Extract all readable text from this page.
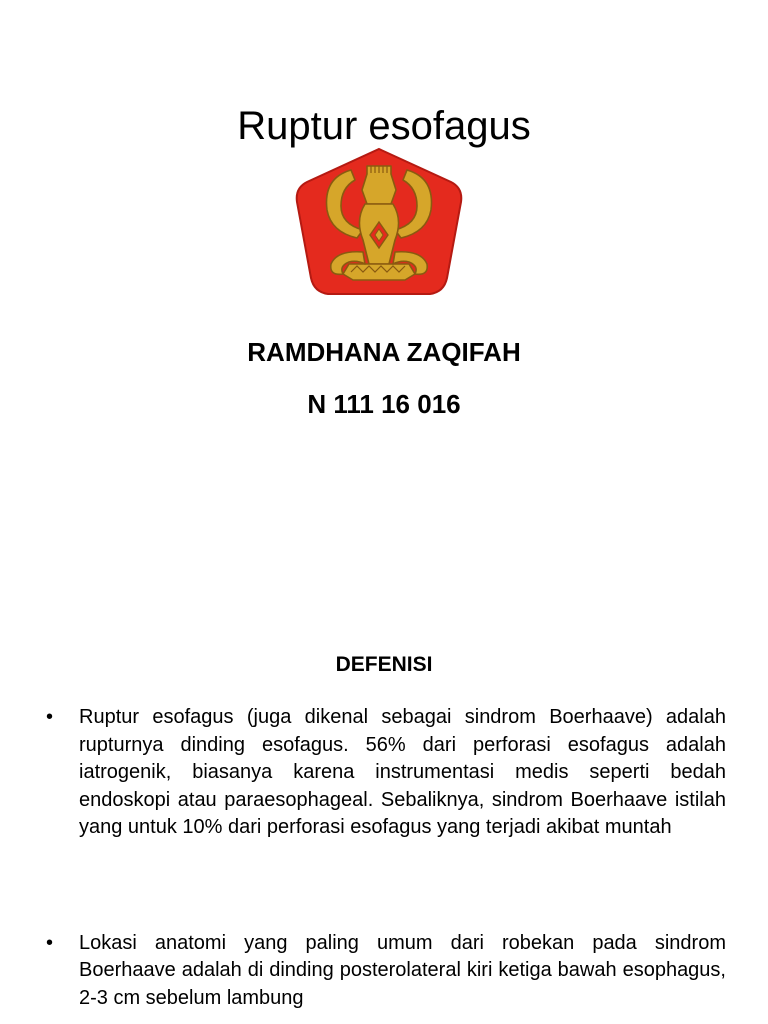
Ruptur esofagus
RAMDHANA ZAQIFAH
N 111 16 016
DEFENISI
• Ruptur esofagus (juga dikenal sebagai sindrom Boerhaave) adalah rupturnya dinding esofagus. 56% dari perforasi esofagus adalah iatrogenik, biasanya karena instrumentasi medis seperti bedah endoskopi atau paraesophageal. Sebaliknya, sindrom Boerhaave istilah yang untuk 10% dari perforasi esofagus yang terjadi akibat muntah
• Lokasi anatomi yang paling umum dari robekan pada sindrom Boerhaave adalah di dinding posterolateral kiri ketiga bawah esophagus, 2-3 cm sebelum lambung
